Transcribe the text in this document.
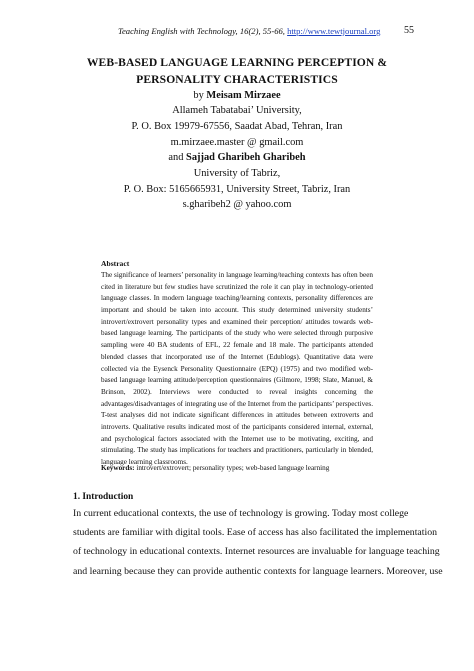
Teaching English with Technology, 16(2), 55-66, http://www.tewtjournal.org 55
WEB-BASED LANGUAGE LEARNING PERCEPTION &
PERSONALITY CHARACTERISTICS
by Meisam Mirzaee
Allameh Tabatabai’ University,
P. O. Box 19979-67556, Saadat Abad, Tehran, Iran
m.mirzaee.master @ gmail.com
and Sajjad Gharibeh Gharibeh
University of Tabriz,
P. O. Box: 5165665931, University Street, Tabriz, Iran
s.gharibeh2 @ yahoo.com
Abstract
The significance of learners’ personality in language learning/teaching contexts has often been
cited in literature but few studies have scrutinized the role it can play in technology-oriented
language classes. In modern language teaching/learning contexts, personality differences are
important and should be taken into account. This study determined university students’
introvert/extrovert personality types and examined their perception/ attitudes towards web-
based language learning. The participants of the study who were selected through purposive
sampling were 40 BA students of EFL, 22 female and 18 male. The participants attended
blended classes that incorporated use of the Internet (Edublogs). Quantitative data were
collected via the Eysenck Personality Questionnaire (EPQ) (1975) and two modified web-
based language learning attitude/perception questionnaires (Gilmore, 1998; Slate, Manuel, &
Brinson, 2002). Interviews were conducted to reveal insights concerning the
advantages/disadvantages of integrating use of the Internet from the participants’ perspectives.
T-test analyses did not indicate significant differences in attitudes between extroverts and
introverts. Qualitative results indicated most of the participants considered internal, external,
and psychological factors associated with the Internet use to be motivating, exciting, and
stimulating. The study has implications for teachers and practitioners, particularly in blended,
language learning classrooms.
Keywords: introvert/extrovert; personality types; web-based language learning
1. Introduction
In current educational contexts, the use of technology is growing. Today most college
students are familiar with digital tools. Ease of access has also facilitated the implementation
of technology in educational contexts. Internet resources are invaluable for language teaching
and learning because they can provide authentic contexts for language learners. Moreover, use
